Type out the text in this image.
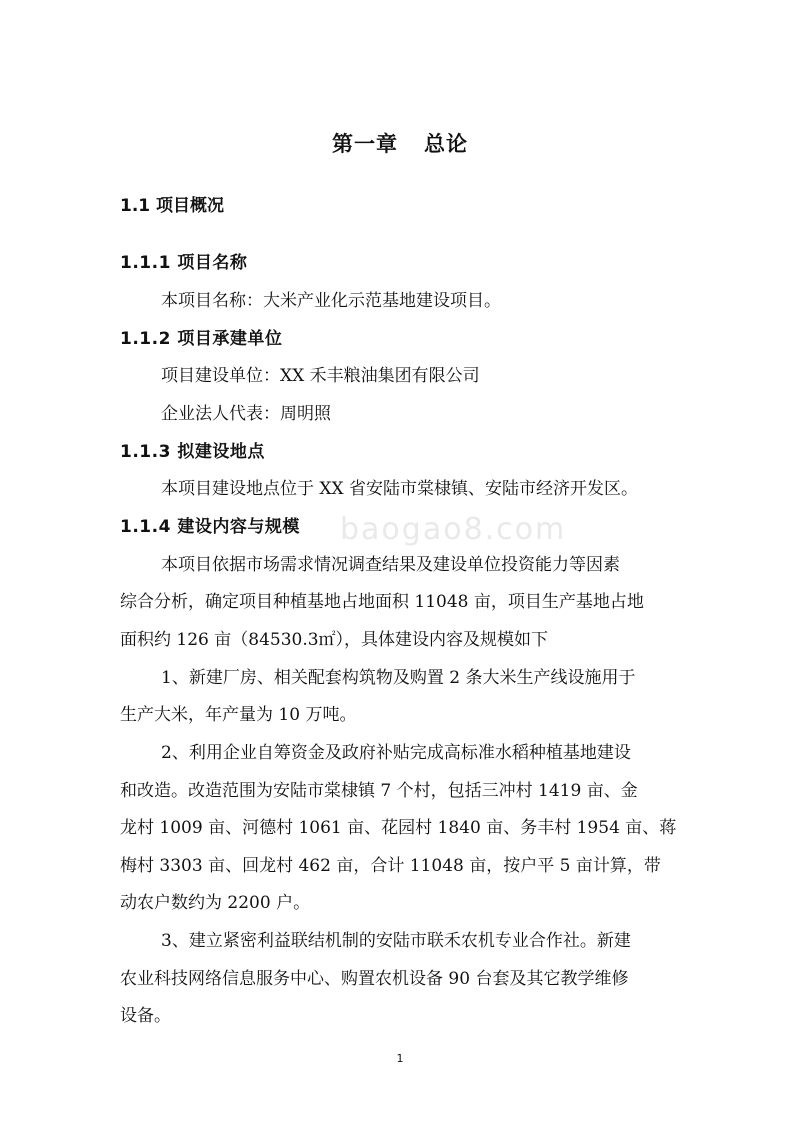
第一章 总论
1.1 项目概况
1.1.1 项目名称
本项目名称：大米产业化示范基地建设项目。
1.1.2 项目承建单位
项目建设单位：XX 禾丰粮油集团有限公司
企业法人代表：周明照
1.1.3 拟建设地点
本项目建设地点位于 XX 省安陆市棠棣镇、安陆市经济开发区。
1.1.4 建设内容与规模 baogao8.com
本项目依据市场需求情况调查结果及建设单位投资能力等因素
综合分析，确定项目种植基地占地面积 11048 亩，项目生产基地占地
面积约 126 亩（84530.3㎡），具体建设内容及规模如下
1、新建厂房、相关配套构筑物及购置 2 条大米生产线设施用于
生产大米，年产量为 10 万吨。
2、利用企业自筹资金及政府补贴完成高标准水稻种植基地建设
和改造。改造范围为安陆市棠棣镇 7 个村，包括三冲村 1419 亩、金
龙村 1009 亩、河德村 1061 亩、花园村 1840 亩、务丰村 1954 亩、蒋
梅村 3303 亩、回龙村 462 亩，合计 11048 亩，按户平 5 亩计算，带
动农户数约为 2200 户。
3、建立紧密利益联结机制的安陆市联禾农机专业合作社。新建
农业科技网络信息服务中心、购置农机设备 90 台套及其它教学维修
设备。
1
